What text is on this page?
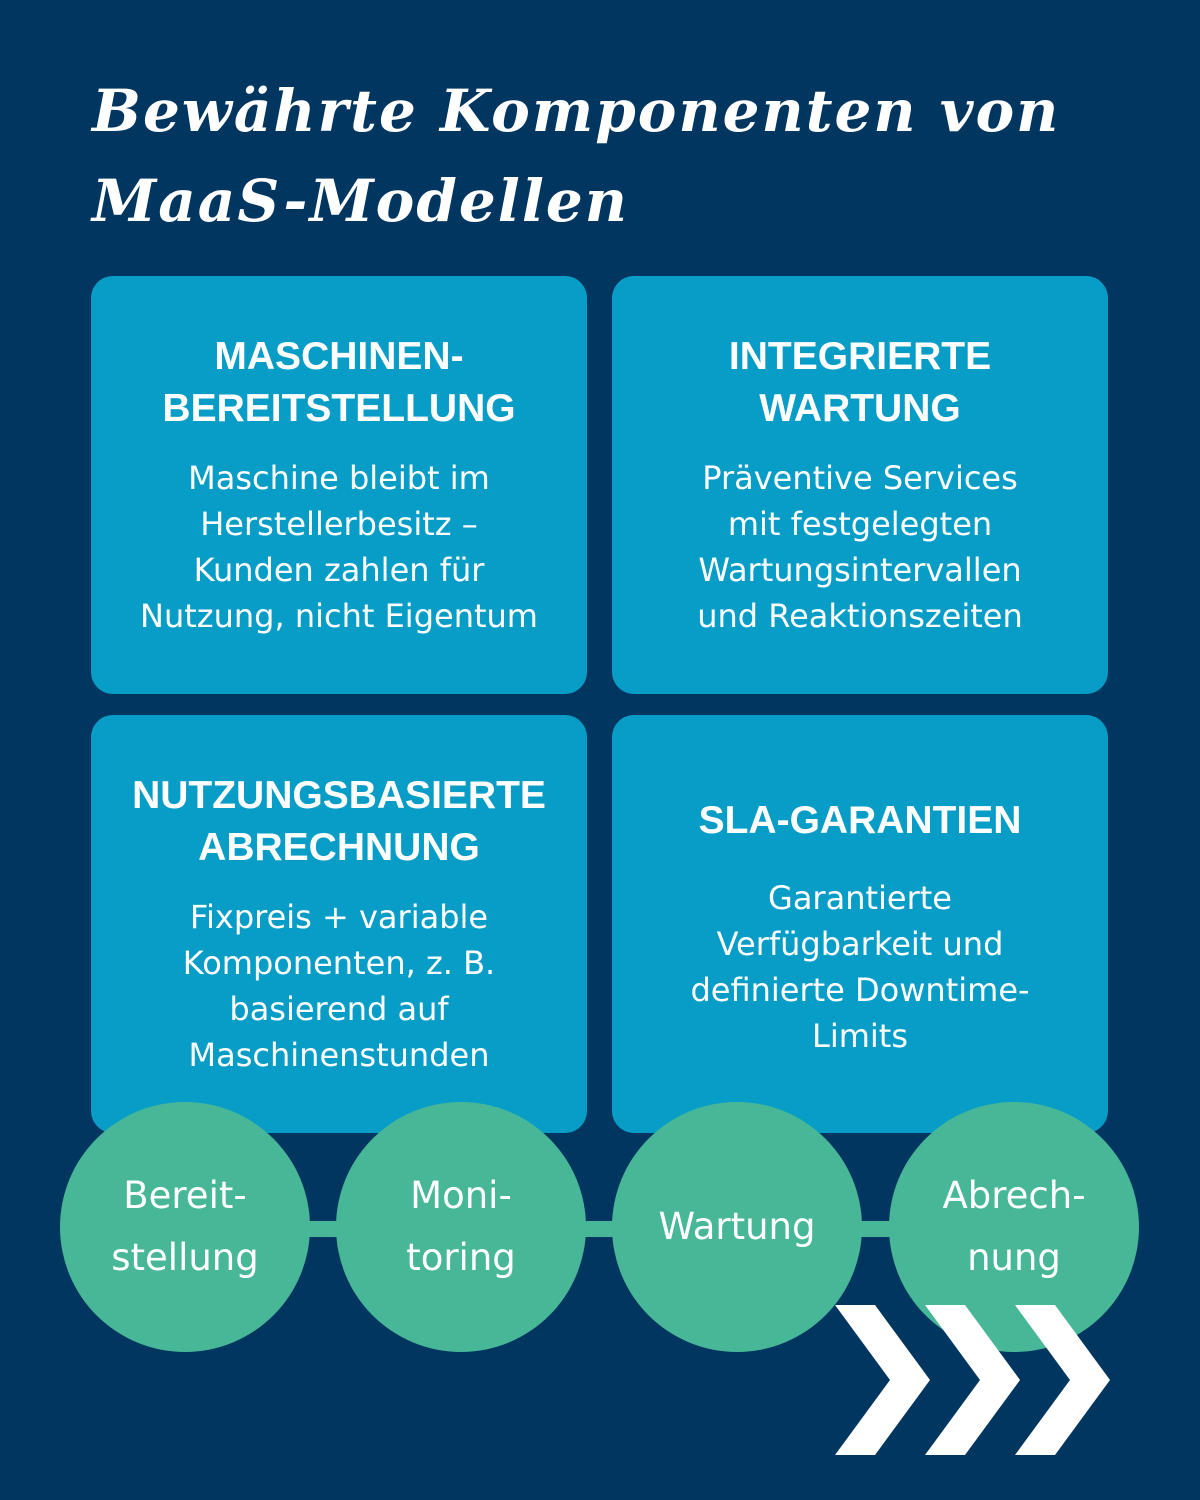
Bewährte Komponenten von
MaaS-Modellen
MASCHINEN-
BEREITSTELLUNG
Maschine bleibt im
Herstellerbesitz –
Kunden zahlen für
Nutzung, nicht Eigentum
INTEGRIERTE
WARTUNG
Präventive Services
mit festgelegten
Wartungsintervallen
und Reaktionszeiten
NUTZUNGSBASIERTE
ABRECHNUNG
Fixpreis + variable
Komponenten, z. B.
basierend auf
Maschinenstunden
SLA-GARANTIEN
Garantierte
Verfügbarkeit und
definierte Downtime-
Limits
Bereit-
stellung
Moni-
toring
Wartung
Abrech-
nung
